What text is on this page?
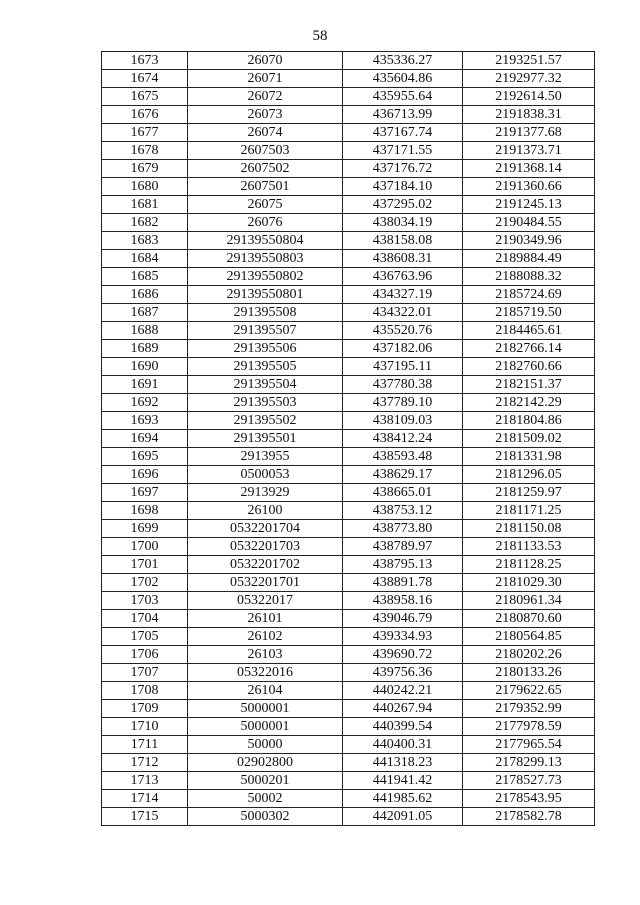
58
1673	26070	435336.27	2193251.57
1674	26071	435604.86	2192977.32
1675	26072	435955.64	2192614.50
1676	26073	436713.99	2191838.31
1677	26074	437167.74	2191377.68
1678	2607503	437171.55	2191373.71
1679	2607502	437176.72	2191368.14
1680	2607501	437184.10	2191360.66
1681	26075	437295.02	2191245.13
1682	26076	438034.19	2190484.55
1683	29139550804	438158.08	2190349.96
1684	29139550803	438608.31	2189884.49
1685	29139550802	436763.96	2188088.32
1686	29139550801	434327.19	2185724.69
1687	291395508	434322.01	2185719.50
1688	291395507	435520.76	2184465.61
1689	291395506	437182.06	2182766.14
1690	291395505	437195.11	2182760.66
1691	291395504	437780.38	2182151.37
1692	291395503	437789.10	2182142.29
1693	291395502	438109.03	2181804.86
1694	291395501	438412.24	2181509.02
1695	2913955	438593.48	2181331.98
1696	0500053	438629.17	2181296.05
1697	2913929	438665.01	2181259.97
1698	26100	438753.12	2181171.25
1699	0532201704	438773.80	2181150.08
1700	0532201703	438789.97	2181133.53
1701	0532201702	438795.13	2181128.25
1702	0532201701	438891.78	2181029.30
1703	05322017	438958.16	2180961.34
1704	26101	439046.79	2180870.60
1705	26102	439334.93	2180564.85
1706	26103	439690.72	2180202.26
1707	05322016	439756.36	2180133.26
1708	26104	440242.21	2179622.65
1709	5000001	440267.94	2179352.99
1710	5000001	440399.54	2177978.59
1711	50000	440400.31	2177965.54
1712	02902800	441318.23	2178299.13
1713	5000201	441941.42	2178527.73
1714	50002	441985.62	2178543.95
1715	5000302	442091.05	2178582.78
